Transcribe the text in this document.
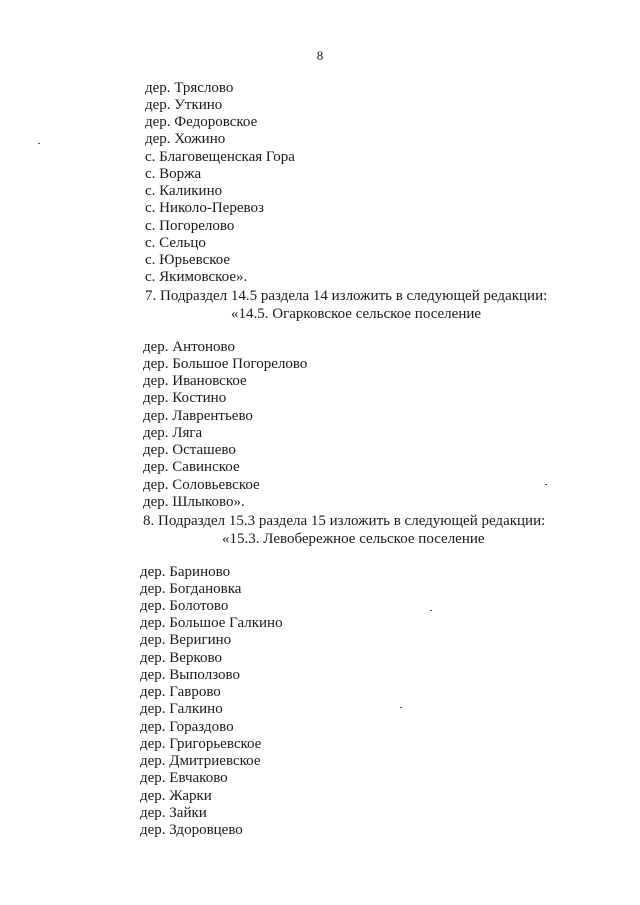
8
дер. Тряслово
дер. Уткино
дер. Федоровское
дер. Хожино
с. Благовещенская Гора
с. Воржа
с. Каликино
с. Николо-Перевоз
с. Погорелово
с. Сельцо
с. Юрьевское
с. Якимовское».
7. Подраздел 14.5 раздела 14 изложить в следующей редакции:
«14.5. Огарковское сельское поселение
дер. Антоново
дер. Большое Погорелово
дер. Ивановское
дер. Костино
дер. Лаврентьево
дер. Ляга
дер. Осташево
дер. Савинское
дер. Соловьевское
дер. Шлыково».
8. Подраздел 15.3 раздела 15 изложить в следующей редакции:
«15.3. Левобережное сельское поселение
дер. Бариново
дер. Богдановка
дер. Болотово
дер. Большое Галкино
дер. Веригино
дер. Верково
дер. Выползово
дер. Гаврово
дер. Галкино
дер. Гораздово
дер. Григорьевское
дер. Дмитриевское
дер. Евчаково
дер. Жарки
дер. Зайки
дер. Здоровцево
